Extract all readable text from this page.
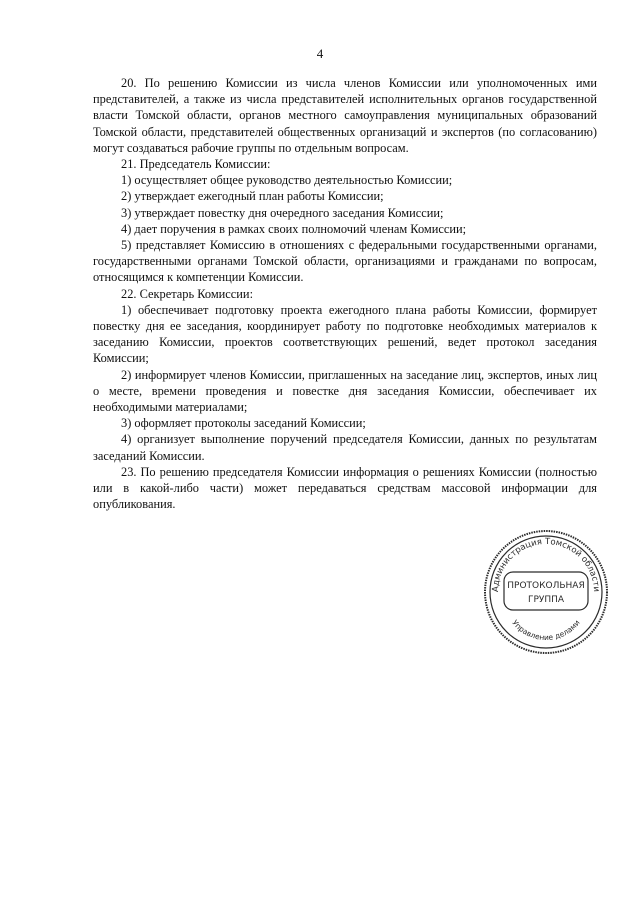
4

20. По решению Комиссии из числа членов Комиссии или уполномоченных ими представителей, а также из числа представителей исполнительных органов государственной власти Томской области, органов местного самоуправления муниципальных образований Томской области, представителей общественных организаций и экспертов (по согласованию) могут создаваться рабочие группы по отдельным вопросам.

21. Председатель Комиссии:

1) осуществляет общее руководство деятельностью Комиссии;

2) утверждает ежегодный план работы Комиссии;

3) утверждает повестку дня очередного заседания Комиссии;

4) дает поручения в рамках своих полномочий членам Комиссии;

5) представляет Комиссию в отношениях с федеральными государственными органами, государственными органами Томской области, организациями и гражданами по вопросам, относящимся к компетенции Комиссии.

22. Секретарь Комиссии:

1) обеспечивает подготовку проекта ежегодного плана работы Комиссии, формирует повестку дня ее заседания, координирует работу по подготовке необходимых материалов к заседанию Комиссии, проектов соответствующих решений, ведет протокол заседания Комиссии;

2) информирует членов Комиссии, приглашенных на заседание лиц, экспертов, иных лиц о месте, времени проведения и повестке дня заседания Комиссии, обеспечивает их необходимыми материалами;

3) оформляет протоколы заседаний Комиссии;

4) организует выполнение поручений председателя Комиссии, данных по результатам заседаний Комиссии.

23. По решению председателя Комиссии информация о решениях Комиссии (полностью или в какой-либо части) может передаваться средствам массовой информации для опубликования.

Администрация Томской области
Управление делами
ПРОТОКОЛЬНАЯ
ГРУППА
